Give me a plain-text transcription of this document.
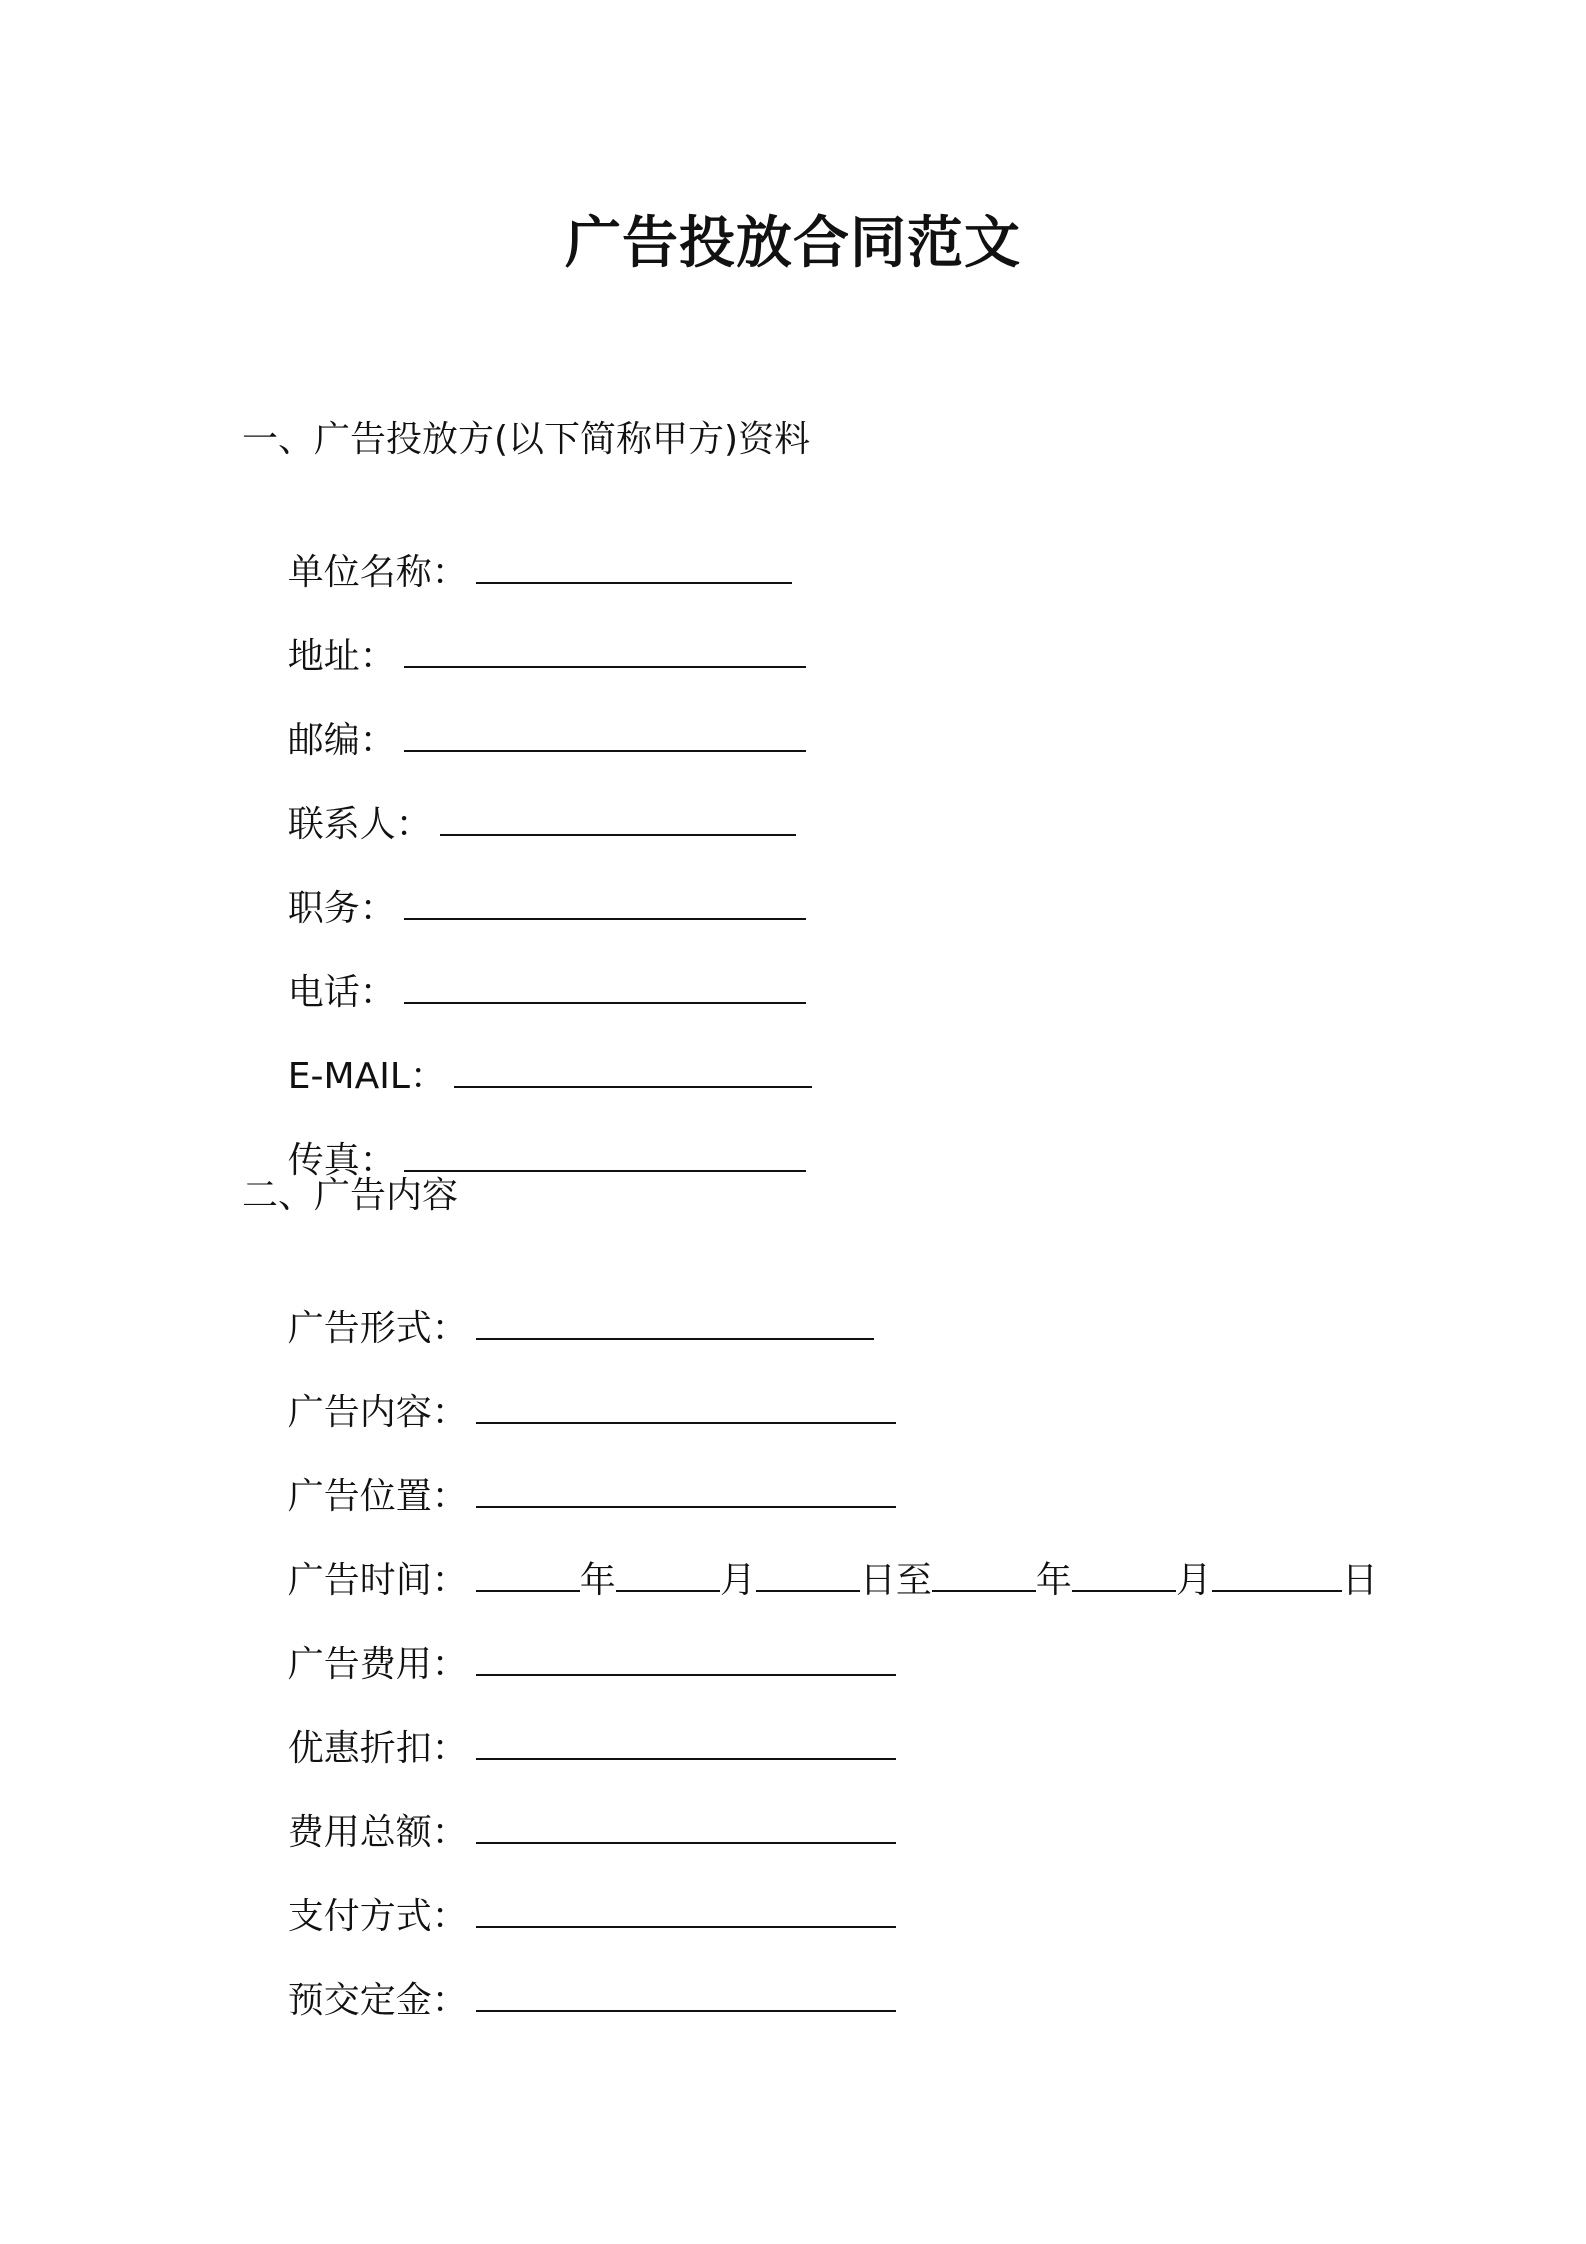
广告投放合同范文
一、广告投放方(以下简称甲方)资料

单位名称：

地址：

邮编：

联系人：

职务：

电话：

E-MAIL：

传真：

二、广告内容

广告形式：

广告内容：

广告位置：

广告时间：	年	月	日至	年	月	日

广告费用：

优惠折扣：

费用总额：

支付方式：

预交定金：
